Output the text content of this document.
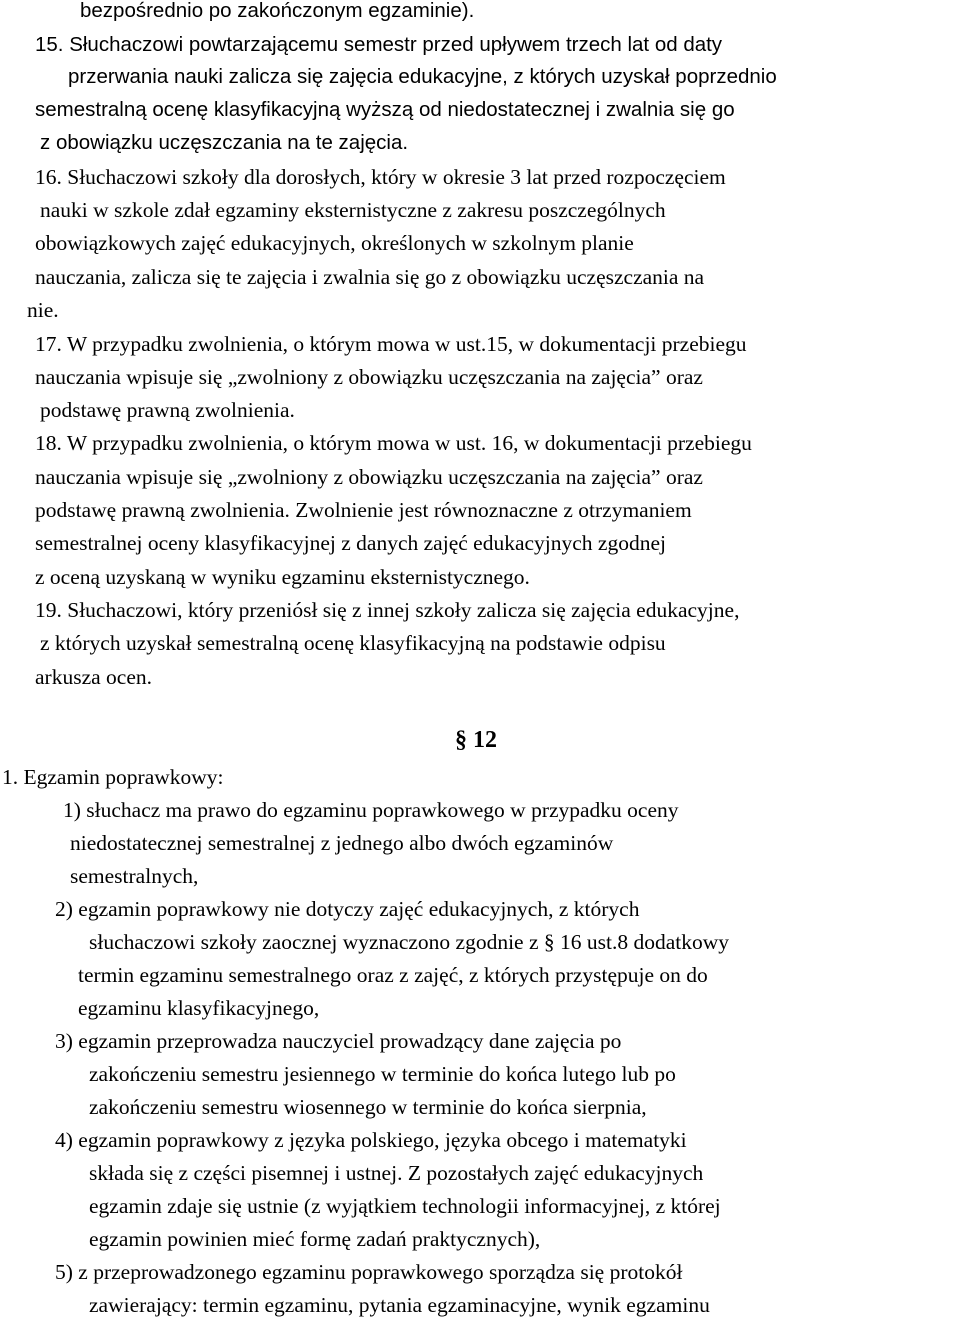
bezpośrednio po zakończonym egzaminie).
15. Słuchaczowi powtarzającemu semestr przed upływem trzech lat od daty
przerwania nauki zalicza się zajęcia edukacyjne, z których uzyskał poprzednio
semestralną ocenę klasyfikacyjną wyższą od niedostatecznej i zwalnia się go
z obowiązku uczęszczania na te zajęcia.
16. Słuchaczowi szkoły dla dorosłych, który w okresie 3 lat przed rozpoczęciem
nauki w szkole zdał egzaminy eksternistyczne z zakresu poszczególnych
obowiązkowych zajęć edukacyjnych, określonych w szkolnym planie
nauczania, zalicza się te zajęcia i zwalnia się go z obowiązku uczęszczania na
nie.
17. W przypadku zwolnienia, o którym mowa w ust.15, w dokumentacji przebiegu
nauczania wpisuje się „zwolniony z obowiązku uczęszczania na zajęcia” oraz
podstawę prawną zwolnienia.
18. W przypadku zwolnienia, o którym mowa w ust. 16, w dokumentacji przebiegu
nauczania wpisuje się „zwolniony z obowiązku uczęszczania na zajęcia” oraz
podstawę prawną zwolnienia. Zwolnienie jest równoznaczne z otrzymaniem
semestralnej oceny klasyfikacyjnej z danych zajęć edukacyjnych zgodnej
z oceną uzyskaną w wyniku egzaminu eksternistycznego.
19. Słuchaczowi, który przeniósł się z innej szkoły zalicza się zajęcia edukacyjne,
z których uzyskał semestralną ocenę klasyfikacyjną na podstawie odpisu
arkusza ocen.
§ 12
1. Egzamin poprawkowy:
1) słuchacz ma prawo do egzaminu poprawkowego w przypadku oceny
niedostatecznej semestralnej z jednego albo dwóch egzaminów
semestralnych,
2) egzamin poprawkowy nie dotyczy zajęć edukacyjnych, z których
słuchaczowi szkoły zaocznej wyznaczono zgodnie z § 16 ust.8 dodatkowy
termin egzaminu semestralnego oraz z zajęć, z których przystępuje on do
egzaminu klasyfikacyjnego,
3) egzamin przeprowadza nauczyciel prowadzący dane zajęcia po
zakończeniu semestru jesiennego w terminie do końca lutego lub po
zakończeniu semestru wiosennego w terminie do końca sierpnia,
4) egzamin poprawkowy z języka polskiego, języka obcego i matematyki
składa się z części pisemnej i ustnej. Z pozostałych zajęć edukacyjnych
egzamin zdaje się ustnie (z wyjątkiem technologii informacyjnej, z której
egzamin powinien mieć formę zadań praktycznych),
5) z przeprowadzonego egzaminu poprawkowego sporządza się protokół
zawierający: termin egzaminu, pytania egzaminacyjne, wynik egzaminu
